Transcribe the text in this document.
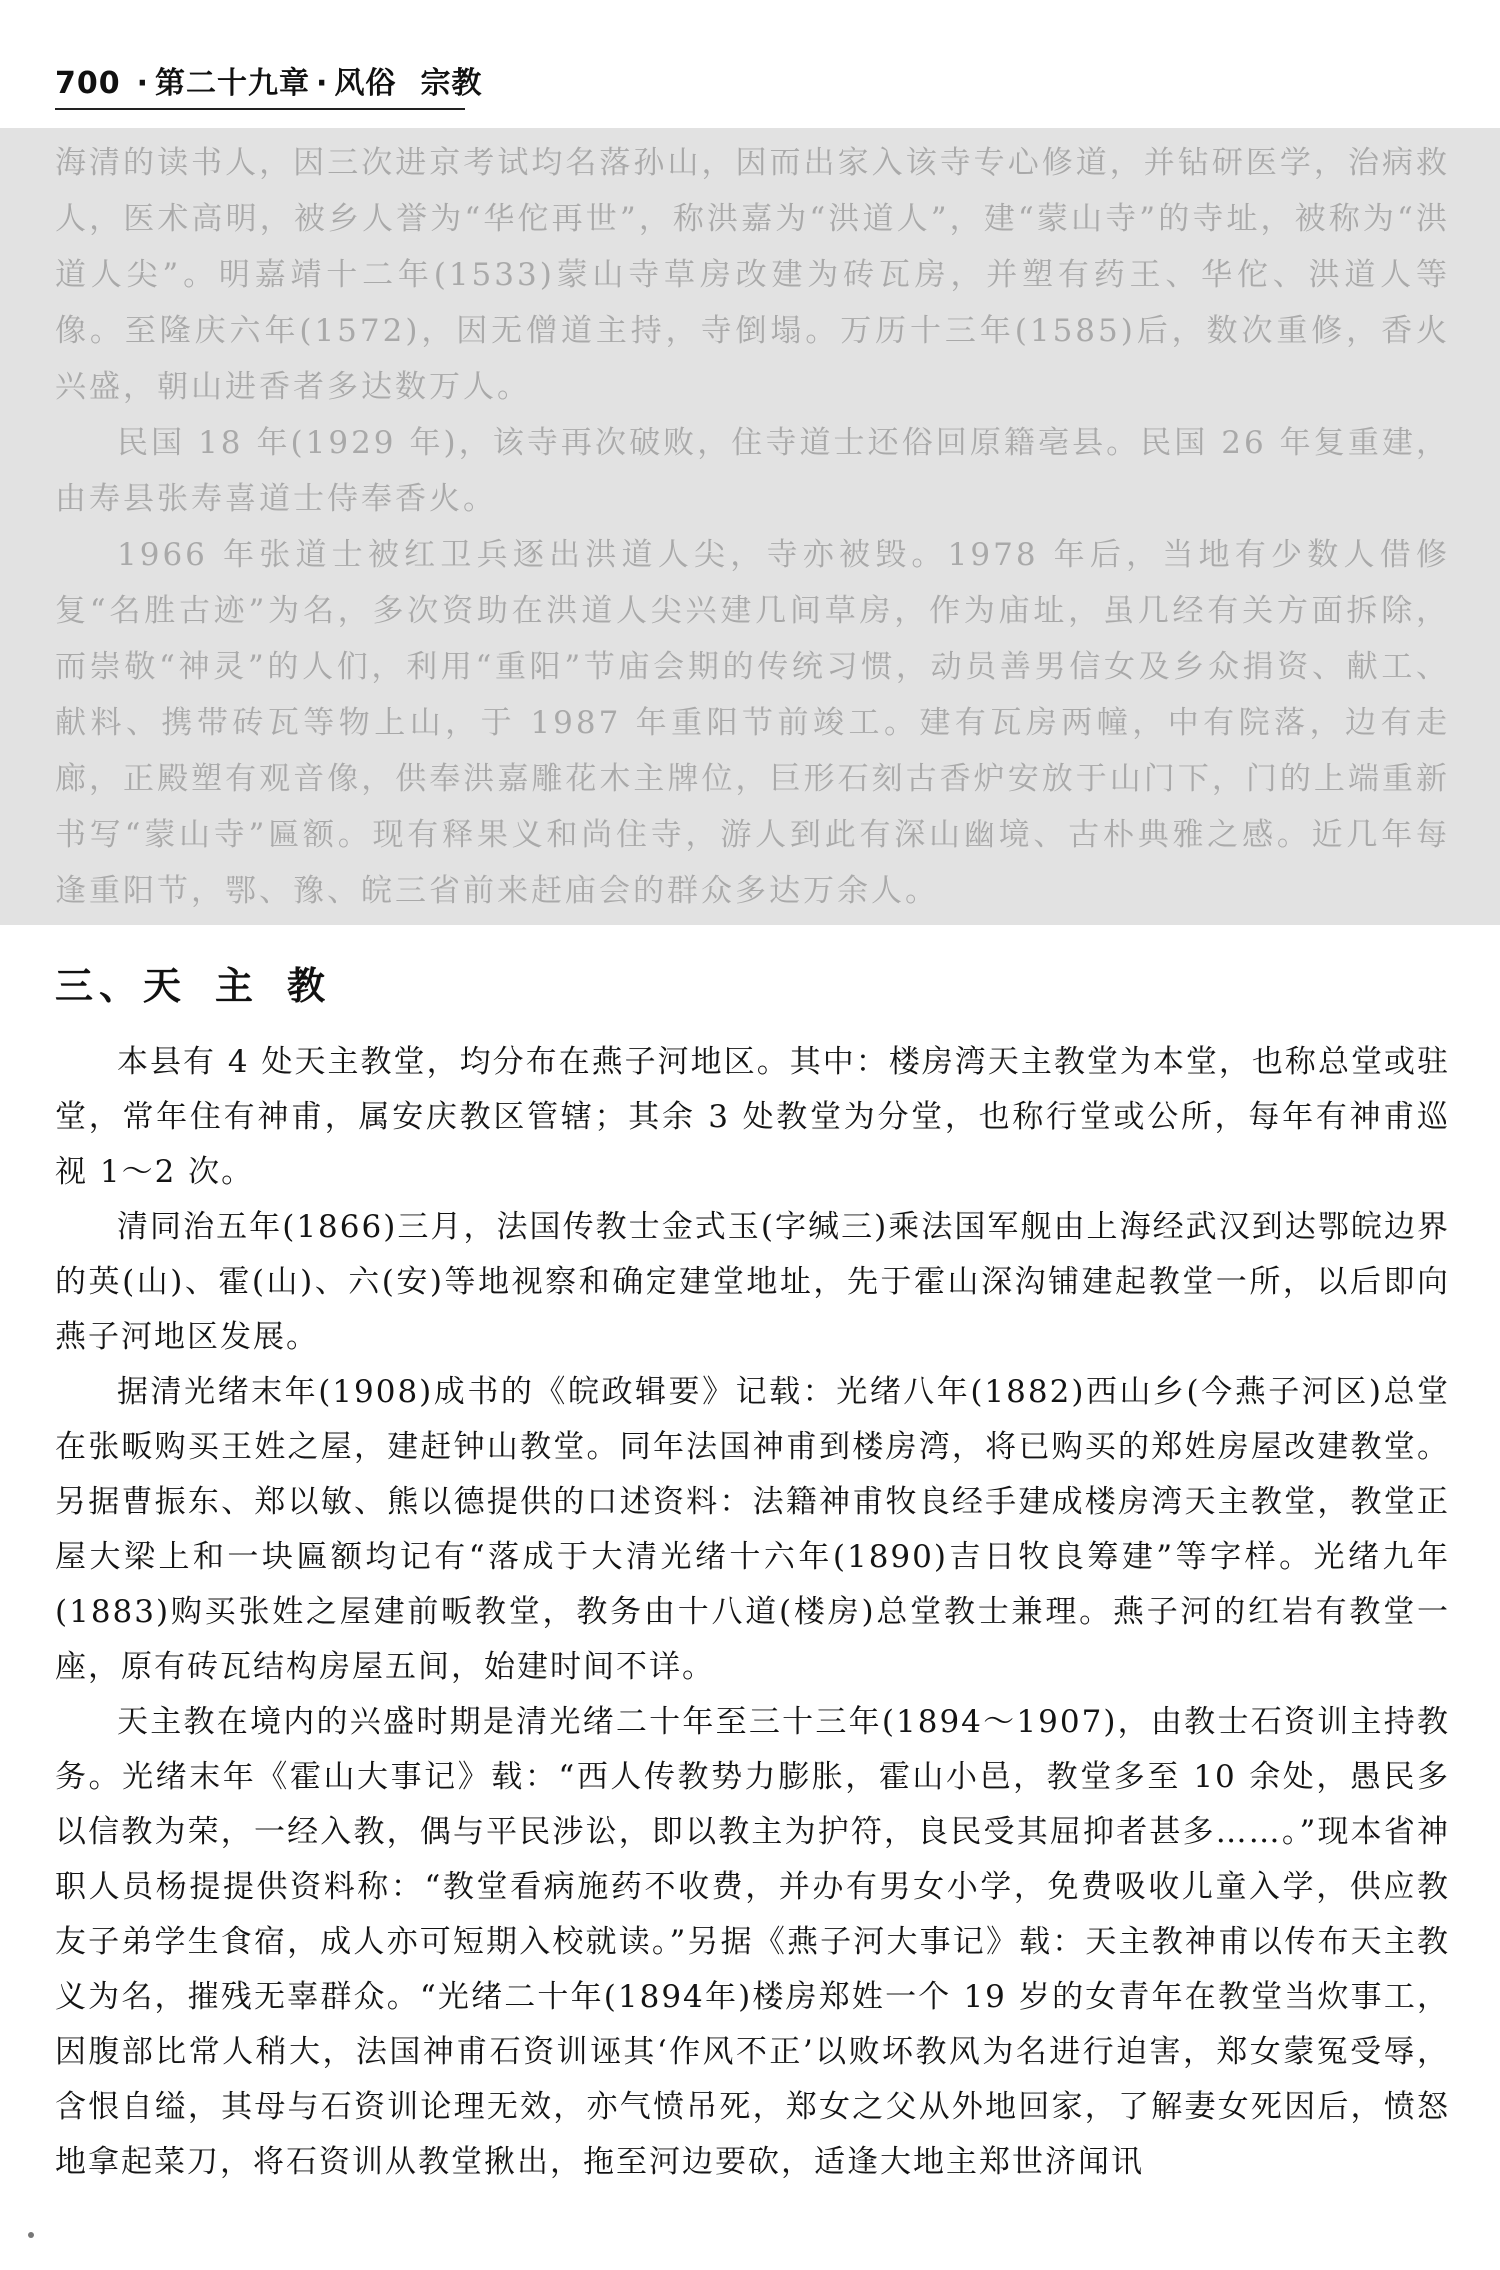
700 · 第二十九章 · 风俗 宗教

海清的读书人，因三次进京考试均名落孙山，因而出家入该寺专心修道，并钻研医学，治病救人，医术高明，被乡人誉为“华佗再世”，称洪嘉为“洪道人”，建“蒙山寺”的寺址，被称为“洪道人尖”。明嘉靖十二年(1533)蒙山寺草房改建为砖瓦房，并塑有药王、华佗、洪道人等像。至隆庆六年(1572)，因无僧道主持，寺倒塌。万历十三年(1585)后，数次重修，香火兴盛，朝山进香者多达数万人。

民国 18 年(1929 年)，该寺再次破败，住寺道士还俗回原籍亳县。民国 26 年复重建，由寿县张寿喜道士侍奉香火。

1966 年张道士被红卫兵逐出洪道人尖，寺亦被毁。1978 年后，当地有少数人借修复“名胜古迹”为名，多次资助在洪道人尖兴建几间草房，作为庙址，虽几经有关方面拆除，而崇敬“神灵”的人们，利用“重阳”节庙会期的传统习惯，动员善男信女及乡众捐资、献工、献料、携带砖瓦等物上山，于 1987 年重阳节前竣工。建有瓦房两幢，中有院落，边有走廊，正殿塑有观音像，供奉洪嘉雕花木主牌位，巨形石刻古香炉安放于山门下，门的上端重新书写“蒙山寺”匾额。现有释果义和尚住寺，游人到此有深山幽境、古朴典雅之感。近几年每逢重阳节，鄂、豫、皖三省前来赶庙会的群众多达万余人。

三、天 主 教

本县有 4 处天主教堂，均分布在燕子河地区。其中：楼房湾天主教堂为本堂，也称总堂或驻堂，常年住有神甫，属安庆教区管辖；其余 3 处教堂为分堂，也称行堂或公所，每年有神甫巡视 1～2 次。

清同治五年(1866)三月，法国传教士金式玉(字缄三)乘法国军舰由上海经武汉到达鄂皖边界的英(山)、霍(山)、六(安)等地视察和确定建堂地址，先于霍山深沟铺建起教堂一所，以后即向燕子河地区发展。

据清光绪末年(1908)成书的《皖政辑要》记载：光绪八年(1882)西山乡(今燕子河区)总堂在张畈购买王姓之屋，建赶钟山教堂。同年法国神甫到楼房湾，将已购买的郑姓房屋改建教堂。另据曹振东、郑以敏、熊以德提供的口述资料：法籍神甫牧良经手建成楼房湾天主教堂，教堂正屋大梁上和一块匾额均记有“落成于大清光绪十六年(1890)吉日牧良筹建”等字样。光绪九年(1883)购买张姓之屋建前畈教堂，教务由十八道(楼房)总堂教士兼理。燕子河的红岩有教堂一座，原有砖瓦结构房屋五间，始建时间不详。

天主教在境内的兴盛时期是清光绪二十年至三十三年(1894～1907)，由教士石资训主持教务。光绪末年《霍山大事记》载：“西人传教势力膨胀，霍山小邑，教堂多至 10 余处，愚民多以信教为荣，一经入教，偶与平民涉讼，即以教主为护符，良民受其屈抑者甚多……。”现本省神职人员杨提提供资料称：“教堂看病施药不收费，并办有男女小学，免费吸收儿童入学，供应教友子弟学生食宿，成人亦可短期入校就读。”另据《燕子河大事记》载：天主教神甫以传布天主教义为名，摧残无辜群众。“光绪二十年(1894年)楼房郑姓一个 19 岁的女青年在教堂当炊事工，因腹部比常人稍大，法国神甫石资训诬其‘作风不正’以败坏教风为名进行迫害，郑女蒙冤受辱，含恨自缢，其母与石资训论理无效，亦气愤吊死，郑女之父从外地回家，了解妻女死因后，愤怒地拿起菜刀，将石资训从教堂揪出，拖至河边要砍，适逢大地主郑世济闻讯
